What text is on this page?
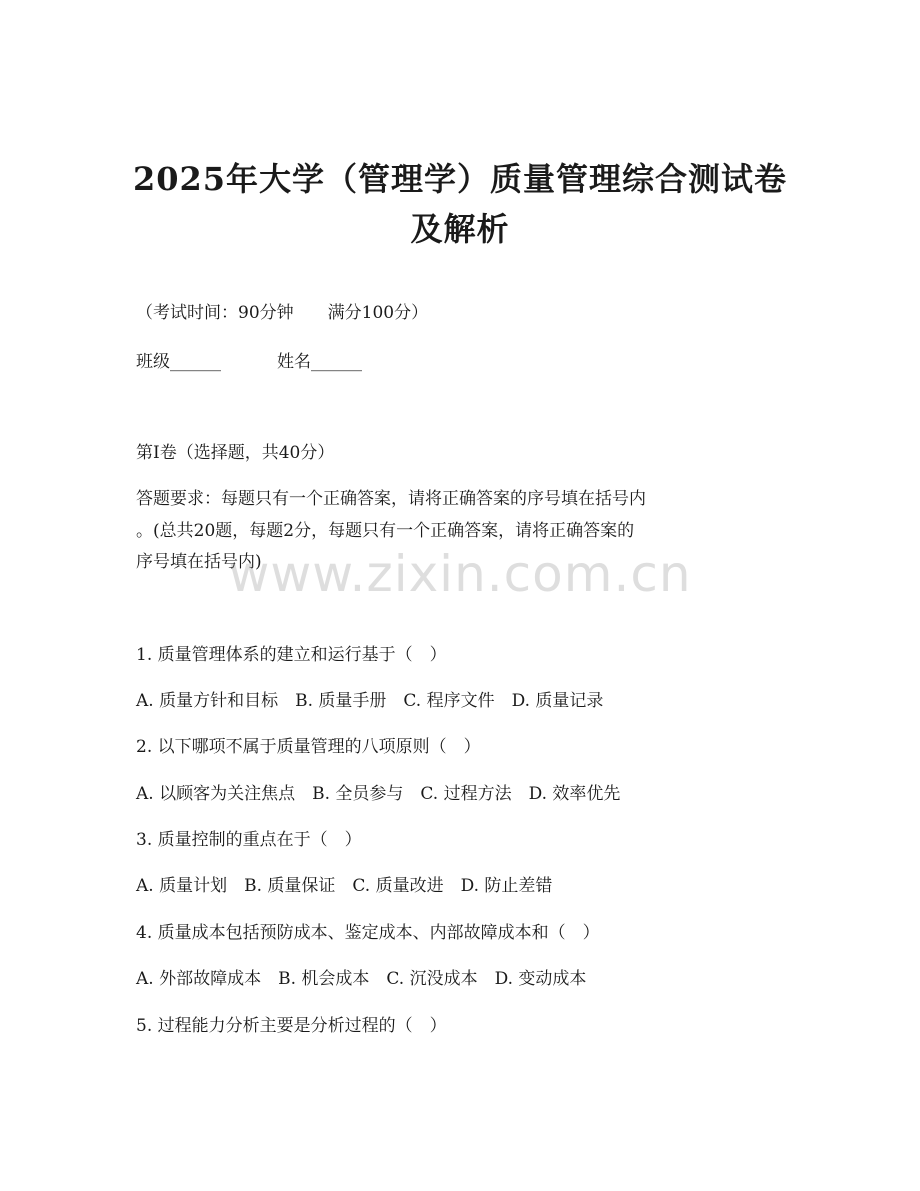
2025年大学（管理学）质量管理综合测试卷
及解析
（考试时间：90分钟　　满分100分）
班级______	姓名______
第Ⅰ卷（选择题，共40分）
答题要求：每题只有一个正确答案，请将正确答案的序号填在括号内
。(总共20题，每题2分，每题只有一个正确答案，请将正确答案的
序号填在括号内)
www.zixin.com.cn
1. 质量管理体系的建立和运行基于（　）
A. 质量方针和目标　B. 质量手册　C. 程序文件　D. 质量记录
2. 以下哪项不属于质量管理的八项原则（　）
A. 以顾客为关注焦点　B. 全员参与　C. 过程方法　D. 效率优先
3. 质量控制的重点在于（　）
A. 质量计划　B. 质量保证　C. 质量改进　D. 防止差错
4. 质量成本包括预防成本、鉴定成本、内部故障成本和（　）
A. 外部故障成本　B. 机会成本　C. 沉没成本　D. 变动成本
5. 过程能力分析主要是分析过程的（　）
